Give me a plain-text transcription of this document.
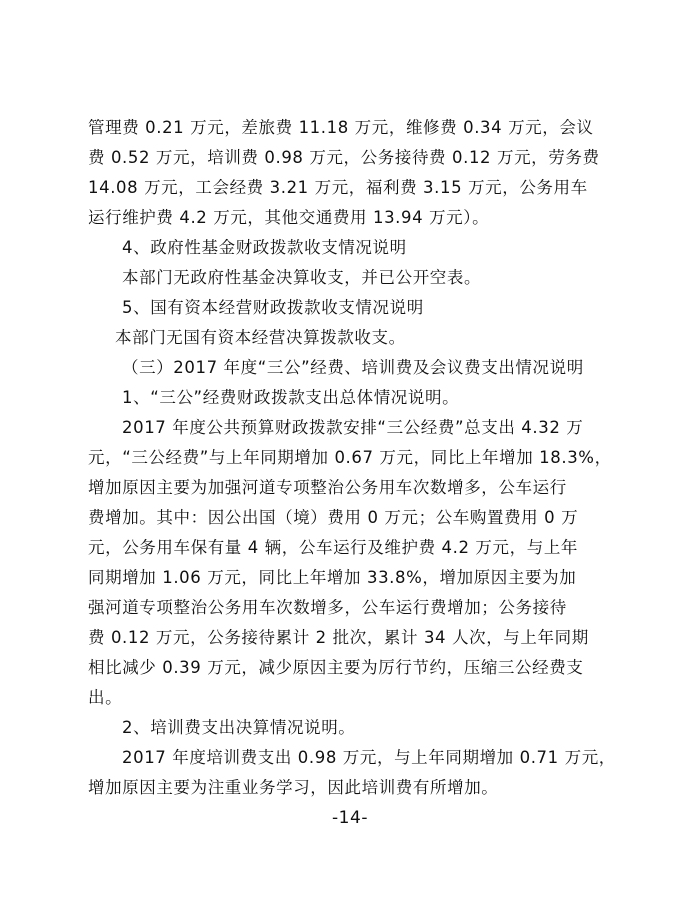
管理费 0.21 万元，差旅费 11.18 万元，维修费 0.34 万元，会议
费 0.52 万元，培训费 0.98 万元，公务接待费 0.12 万元，劳务费
14.08 万元，工会经费 3.21 万元，福利费 3.15 万元，公务用车
运行维护费 4.2 万元，其他交通费用 13.94 万元）。
4、政府性基金财政拨款收支情况说明
本部门无政府性基金决算收支，并已公开空表。
5、国有资本经营财政拨款收支情况说明
本部门无国有资本经营决算拨款收支。
（三）2017 年度“三公”经费、培训费及会议费支出情况说明
1、“三公”经费财政拨款支出总体情况说明。
2017 年度公共预算财政拨款安排“三公经费”总支出 4.32 万
元，“三公经费”与上年同期增加 0.67 万元，同比上年增加 18.3%，
增加原因主要为加强河道专项整治公务用车次数增多，公车运行
费增加。其中：因公出国（境）费用 0 万元；公车购置费用 0 万
元，公务用车保有量 4 辆，公车运行及维护费 4.2 万元，与上年
同期增加 1.06 万元，同比上年增加 33.8%，增加原因主要为加
强河道专项整治公务用车次数增多，公车运行费增加；公务接待
费 0.12 万元，公务接待累计 2 批次，累计 34 人次，与上年同期
相比减少 0.39 万元，减少原因主要为厉行节约，压缩三公经费支
出。
2、培训费支出决算情况说明。
2017 年度培训费支出 0.98 万元，与上年同期增加 0.71 万元，
增加原因主要为注重业务学习，因此培训费有所增加。
-14-
